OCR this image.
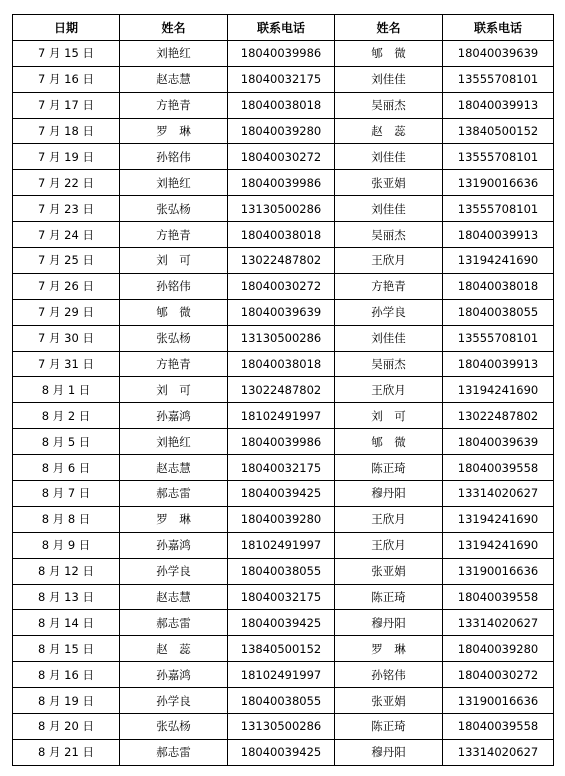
日期	姓名	联系电话	姓名	联系电话
7 月 15 日	刘艳红	18040039986	郇　微	18040039639
7 月 16 日	赵志慧	18040032175	刘佳佳	13555708101
7 月 17 日	方艳青	18040038018	吴丽杰	18040039913
7 月 18 日	罗　琳	18040039280	赵　蕊	13840500152
7 月 19 日	孙铭伟	18040030272	刘佳佳	13555708101
7 月 22 日	刘艳红	18040039986	张亚娟	13190016636
7 月 23 日	张弘杨	13130500286	刘佳佳	13555708101
7 月 24 日	方艳青	18040038018	吴丽杰	18040039913
7 月 25 日	刘　可	13022487802	王欣月	13194241690
7 月 26 日	孙铭伟	18040030272	方艳青	18040038018
7 月 29 日	郇　微	18040039639	孙学良	18040038055
7 月 30 日	张弘杨	13130500286	刘佳佳	13555708101
7 月 31 日	方艳青	18040038018	吴丽杰	18040039913
8 月 1 日	刘　可	13022487802	王欣月	13194241690
8 月 2 日	孙嘉鸿	18102491997	刘　可	13022487802
8 月 5 日	刘艳红	18040039986	郇　微	18040039639
8 月 6 日	赵志慧	18040032175	陈正琦	18040039558
8 月 7 日	郝志雷	18040039425	穆丹阳	13314020627
8 月 8 日	罗　琳	18040039280	王欣月	13194241690
8 月 9 日	孙嘉鸿	18102491997	王欣月	13194241690
8 月 12 日	孙学良	18040038055	张亚娟	13190016636
8 月 13 日	赵志慧	18040032175	陈正琦	18040039558
8 月 14 日	郝志雷	18040039425	穆丹阳	13314020627
8 月 15 日	赵　蕊	13840500152	罗　琳	18040039280
8 月 16 日	孙嘉鸿	18102491997	孙铭伟	18040030272
8 月 19 日	孙学良	18040038055	张亚娟	13190016636
8 月 20 日	张弘杨	13130500286	陈正琦	18040039558
8 月 21 日	郝志雷	18040039425	穆丹阳	13314020627
